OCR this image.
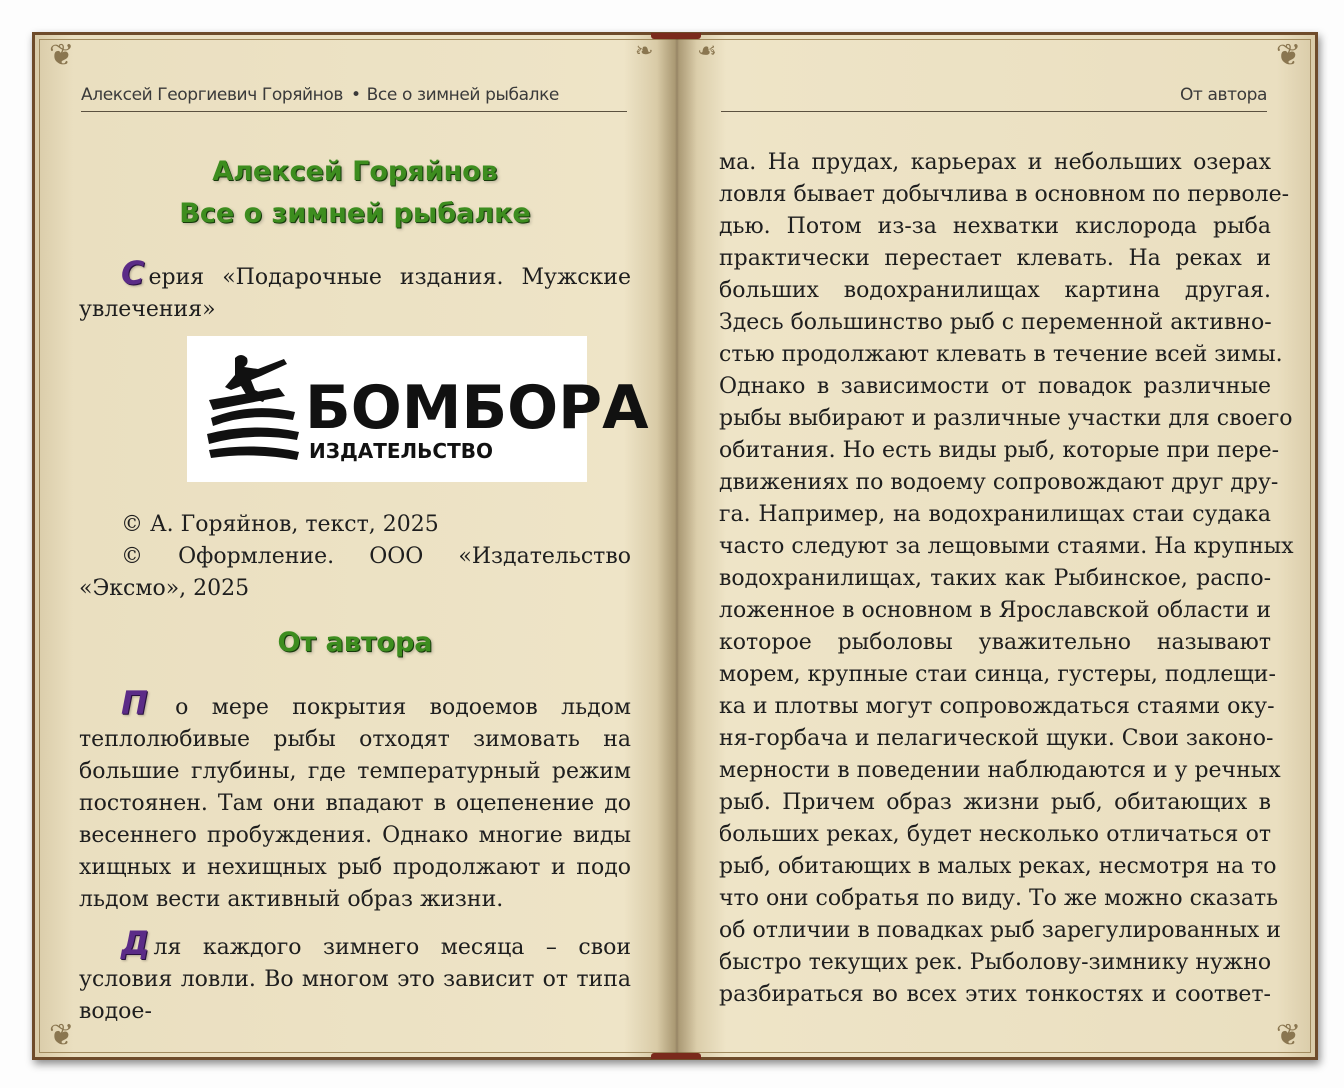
❦	❦
❦	❦
❧ ☙
Алексей Георгиевич Горяйнов • Все о зимней рыбалке
Алексей Горяйнов
Все о зимней рыбалке

С ерия «Подарочные издания. Мужские увлечения»

БОМБОРА
ИЗДАТЕЛЬСТВО

© А. Горяйнов, текст, 2025

© Оформление. ООО «Издательство «Эксмо», 2025

От автора

П о мере покрытия водоемов льдом теплолюбивые рыбы отходят зимовать на большие глубины, где температурный режим постоянен. Там они впадают в оцепенение до весеннего пробуждения. Однако многие виды хищных и нехищных рыб продолжают и подо льдом вести активный образ жизни.

Д ля каждого зимнего месяца – свои условия ловли. Во многом это зависит от типа водое-

От автора
ма. На прудах, карьерах и небольших озерах
ловля бывает добычлива в основном по перволе-
дью. Потом из-за нехватки кислорода рыба
практически перестает клевать. На реках и
больших водохранилищах картина другая.
Здесь большинство рыб с переменной активно-
стью продолжают клевать в течение всей зимы.
Однако в зависимости от повадок различные
рыбы выбирают и различные участки для своего
обитания. Но есть виды рыб, которые при пере-
движениях по водоему сопровождают друг дру-
га. Например, на водохранилищах стаи судака
часто следуют за лещовыми стаями. На крупных
водохранилищах, таких как Рыбинское, распо-
ложенное в основном в Ярославской области и
которое рыболовы уважительно называют
морем, крупные стаи синца, густеры, подлещи-
ка и плотвы могут сопровождаться стаями оку-
ня-горбача и пелагической щуки. Свои законо-
мерности в поведении наблюдаются и у речных
рыб. Причем образ жизни рыб, обитающих в
больших реках, будет несколько отличаться от
рыб, обитающих в малых реках, несмотря на то
что они собратья по виду. То же можно сказать
об отличии в повадках рыб зарегулированных и
быстро текущих рек. Рыболову-зимнику нужно
разбираться во всех этих тонкостях и соответ-
